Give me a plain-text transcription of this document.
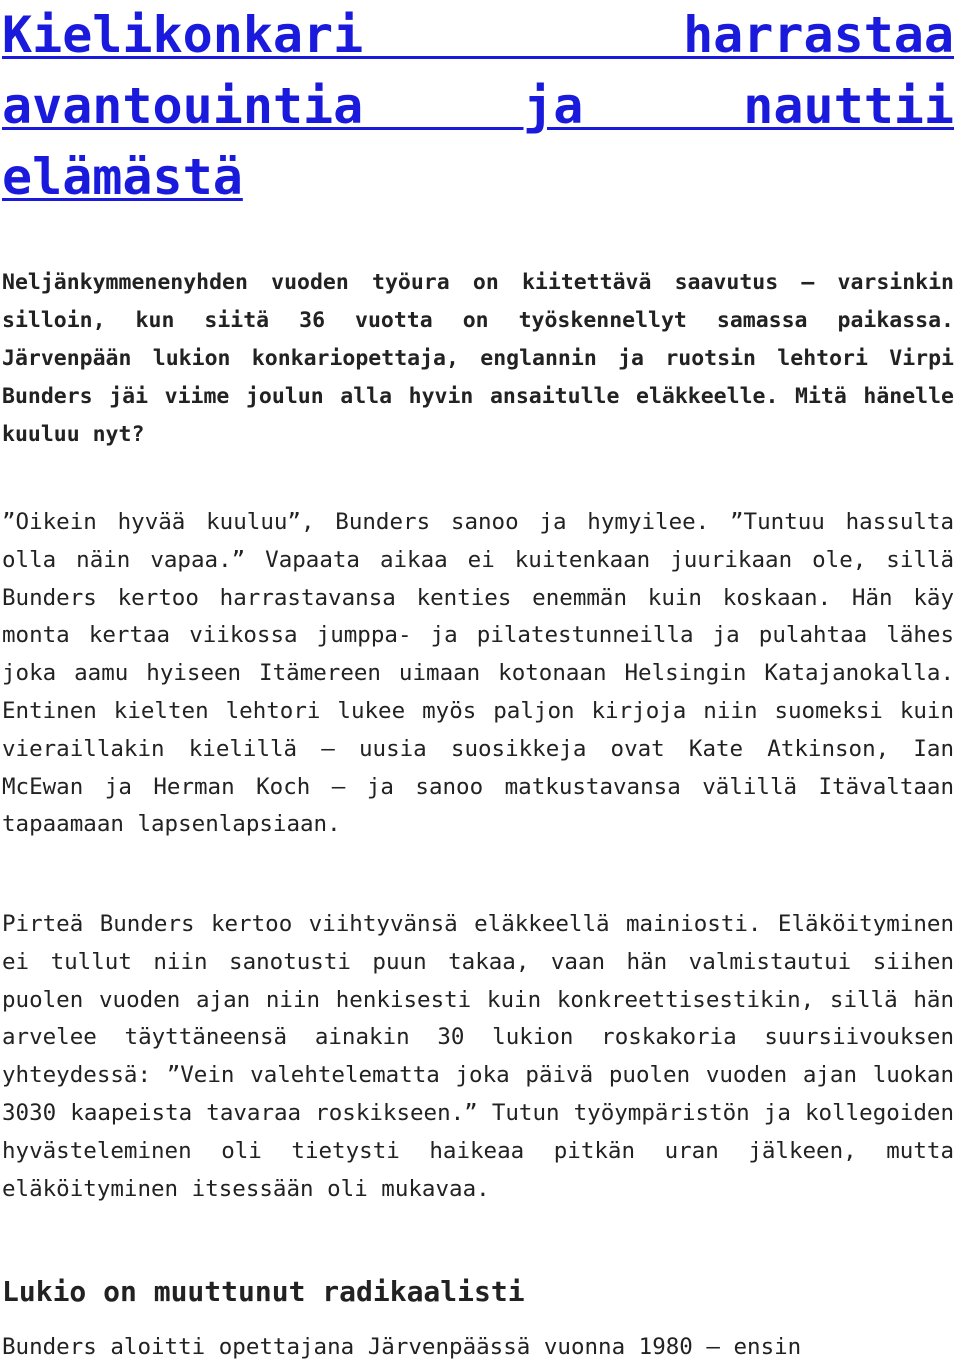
Kielikonkari harrastaa avantouintia ja nauttii elämästä

Neljänkymmenenyhden vuoden työura on kiitettävä saavutus – varsinkin silloin, kun siitä 36 vuotta on työskennellyt samassa paikassa. Järvenpään lukion konkariopettaja, englannin ja ruotsin lehtori Virpi Bunders jäi viime joulun alla hyvin ansaitulle eläkkeelle. Mitä hänelle kuuluu nyt?

”Oikein hyvää kuuluu”, Bunders sanoo ja hymyilee. ”Tuntuu hassulta olla näin vapaa.” Vapaata aikaa ei kuitenkaan juurikaan ole, sillä Bunders kertoo harrastavansa kenties enemmän kuin koskaan. Hän käy monta kertaa viikossa jumppa- ja pilatestunneilla ja pulahtaa lähes joka aamu hyiseen Itämereen uimaan kotonaan Helsingin Katajanokalla. Entinen kielten lehtori lukee myös paljon kirjoja niin suomeksi kuin vieraillakin kielillä – uusia suosikkeja ovat Kate Atkinson, Ian McEwan ja Herman Koch – ja sanoo matkustavansa välillä Itävaltaan tapaamaan lapsenlapsiaan.

Pirteä Bunders kertoo viihtyvänsä eläkkeellä mainiosti. Eläköityminen ei tullut niin sanotusti puun takaa, vaan hän valmistautui siihen puolen vuoden ajan niin henkisesti kuin konkreettisestikin, sillä hän arvelee täyttäneensä ainakin 30 lukion roskakoria suursiivouksen yhteydessä: ”Vein valehtelematta joka päivä puolen vuoden ajan luokan 3030 kaapeista tavaraa roskikseen.” Tutun työympäristön ja kollegoiden hyvästeleminen oli tietysti haikeaa pitkän uran jälkeen, mutta eläköityminen itsessään oli mukavaa.

Lukio on muuttunut radikaalisti

Bunders aloitti opettajana Järvenpäässä vuonna 1980 – ensin
